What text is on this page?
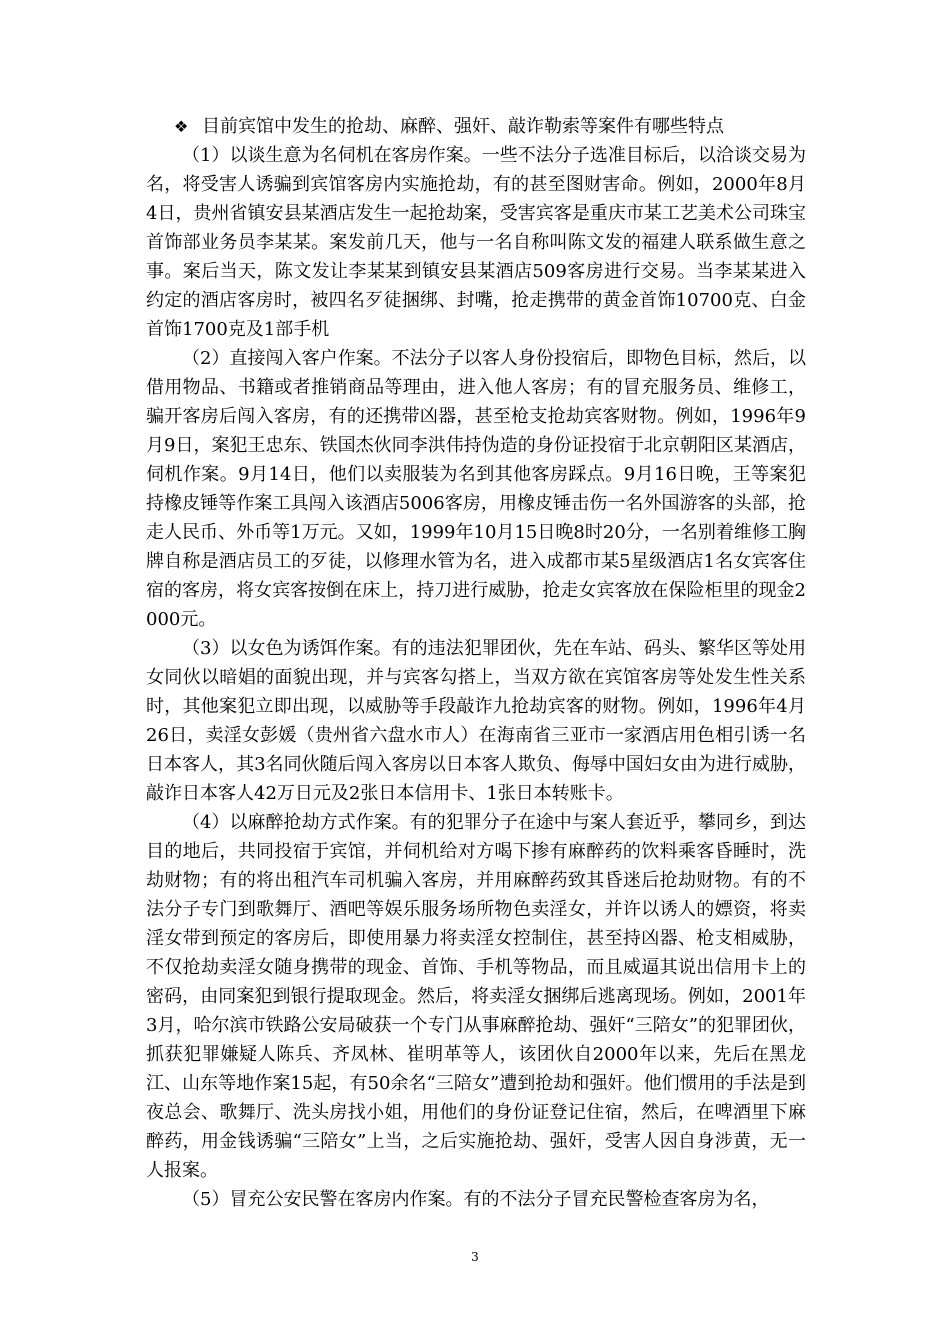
❖ 目前宾馆中发生的抢劫、麻醉、强奸、敲诈勒索等案件有哪些特点

（1）以谈生意为名伺机在客房作案。一些不法分子选准目标后，以洽谈交易为名，将受害人诱骗到宾馆客房内实施抢劫，有的甚至图财害命。例如，2000年8月4日，贵州省镇安县某酒店发生一起抢劫案，受害宾客是重庆市某工艺美术公司珠宝首饰部业务员李某某。案发前几天，他与一名自称叫陈文发的福建人联系做生意之事。案后当天，陈文发让李某某到镇安县某酒店509客房进行交易。当李某某进入约定的酒店客房时，被四名歹徒捆绑、封嘴，抢走携带的黄金首饰10700克、白金首饰1700克及1部手机

（2）直接闯入客户作案。不法分子以客人身份投宿后，即物色目标，然后，以借用物品、书籍或者推销商品等理由，进入他人客房；有的冒充服务员、维修工，骗开客房后闯入客房，有的还携带凶器，甚至枪支抢劫宾客财物。例如，1996年9月9日，案犯王忠东、铁国杰伙同李洪伟持伪造的身份证投宿于北京朝阳区某酒店，伺机作案。9月14日，他们以卖服装为名到其他客房踩点。9月16日晚，王等案犯持橡皮锤等作案工具闯入该酒店5006客房，用橡皮锤击伤一名外国游客的头部，抢走人民币、外币等1万元。又如，1999年10月15日晚8时20分，一名别着维修工胸牌自称是酒店员工的歹徒，以修理水管为名，进入成都市某5星级酒店1名女宾客住宿的客房，将女宾客按倒在床上，持刀进行威胁，抢走女宾客放在保险柜里的现金2000元。

（3）以女色为诱饵作案。有的违法犯罪团伙，先在车站、码头、繁华区等处用女同伙以暗娼的面貌出现，并与宾客勾搭上，当双方欲在宾馆客房等处发生性关系时，其他案犯立即出现，以威胁等手段敲诈九抢劫宾客的财物。例如，1996年4月26日，卖淫女彭媛（贵州省六盘水市人）在海南省三亚市一家酒店用色相引诱一名日本客人，其3名同伙随后闯入客房以日本客人欺负、侮辱中国妇女由为进行威胁，敲诈日本客人42万日元及2张日本信用卡、1张日本转账卡。

（4）以麻醉抢劫方式作案。有的犯罪分子在途中与案人套近乎，攀同乡，到达目的地后，共同投宿于宾馆，并伺机给对方喝下掺有麻醉药的饮料乘客昏睡时，洗劫财物；有的将出租汽车司机骗入客房，并用麻醉药致其昏迷后抢劫财物。有的不法分子专门到歌舞厅、酒吧等娱乐服务场所物色卖淫女，并许以诱人的嫖资，将卖淫女带到预定的客房后，即使用暴力将卖淫女控制住，甚至持凶器、枪支相威胁，不仅抢劫卖淫女随身携带的现金、首饰、手机等物品，而且威逼其说出信用卡上的密码，由同案犯到银行提取现金。然后，将卖淫女捆绑后逃离现场。例如，2001年3月，哈尔滨市铁路公安局破获一个专门从事麻醉抢劫、强奸“三陪女”的犯罪团伙，抓获犯罪嫌疑人陈兵、齐凤林、崔明革等人，该团伙自2000年以来，先后在黑龙江、山东等地作案15起，有50余名“三陪女”遭到抢劫和强奸。他们惯用的手法是到夜总会、歌舞厅、洗头房找小姐，用他们的身份证登记住宿，然后，在啤酒里下麻醉药，用金钱诱骗“三陪女”上当，之后实施抢劫、强奸，受害人因自身涉黄，无一人报案。

（5）冒充公安民警在客房内作案。有的不法分子冒充民警检查客房为名，

3
